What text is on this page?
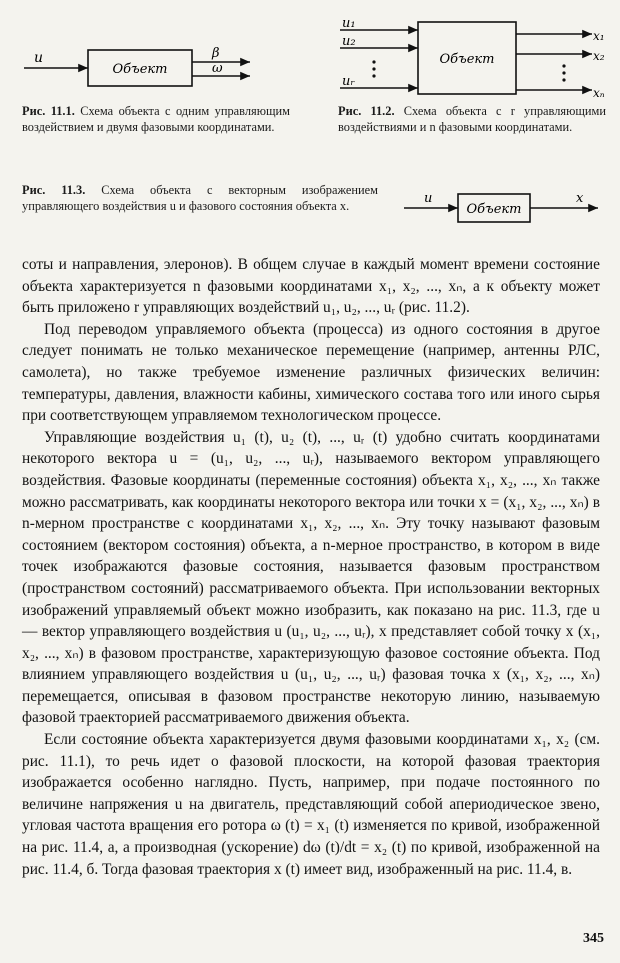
Объект
u	β
ω

Рис. 11.1. Схема объекта с одним управляющим воздействием и двумя фазовыми координатами.

Объект
u₁
u₂
uᵣ
x₁
x₂
xₙ

Рис. 11.2. Схема объекта с r управляющими воздействиями и n фазовыми координатами.

Рис. 11.3. Схема объекта с векторным изображением управляющего воздействия u и фазового состояния объекта x.	Объект
u	x

соты и направления, элеронов). В общем случае в каждый момент времени состояние объекта характеризуется n фазовыми координатами x₁, x₂, ..., xₙ, а к объекту может быть приложено r управляющих воздействий u₁, u₂, ..., uᵣ (рис. 11.2).

Под переводом управляемого объекта (процесса) из одного состояния в другое следует понимать не только механическое перемещение (например, антенны РЛС, самолета), но также требуемое изменение различных физических величин: температуры, давления, влажности кабины, химического состава того или иного сырья при соответствующем управляемом технологическом процессе.

Управляющие воздействия u₁ (t), u₂ (t), ..., uᵣ (t) удобно считать координатами некоторого вектора u = (u₁, u₂, ..., uᵣ), называемого вектором управляющего воздействия. Фазовые координаты (переменные состояния) объекта x₁, x₂, ..., xₙ также можно рассматривать, как координаты некоторого вектора или точки x = (x₁, x₂, ..., xₙ) в n-мерном пространстве с координатами x₁, x₂, ..., xₙ. Эту точку называют фазовым состоянием (вектором состояния) объекта, а n-мерное пространство, в котором в виде точек изображаются фазовые состояния, называется фазовым пространством (пространством состояний) рассматриваемого объекта. При использовании векторных изображений управляемый объект можно изобразить, как показано на рис. 11.3, где u — вектор управляющего воздействия u (u₁, u₂, ..., uᵣ), x представляет собой точку x (x₁, x₂, ..., xₙ) в фазовом пространстве, характеризующую фазовое состояние объекта. Под влиянием управляющего воздействия u (u₁, u₂, ..., uᵣ) фазовая точка x (x₁, x₂, ..., xₙ) перемещается, описывая в фазовом пространстве некоторую линию, называемую фазовой траекторией рассматриваемого движения объекта.

Если состояние объекта характеризуется двумя фазовыми координатами x₁, x₂ (см. рис. 11.1), то речь идет о фазовой плоскости, на которой фазовая траектория изображается особенно наглядно. Пусть, например, при подаче постоянного по величине напряжения u на двигатель, представляющий собой апериодическое звено, угловая частота вращения его ротора ω (t) = x₁ (t) изменяется по кривой, изображенной на рис. 11.4, а, а производная (ускорение) dω (t)/dt = x₂ (t) по кривой, изображенной на рис. 11.4, б. Тогда фазовая траектория x (t) имеет вид, изображенный на рис. 11.4, в.

345
